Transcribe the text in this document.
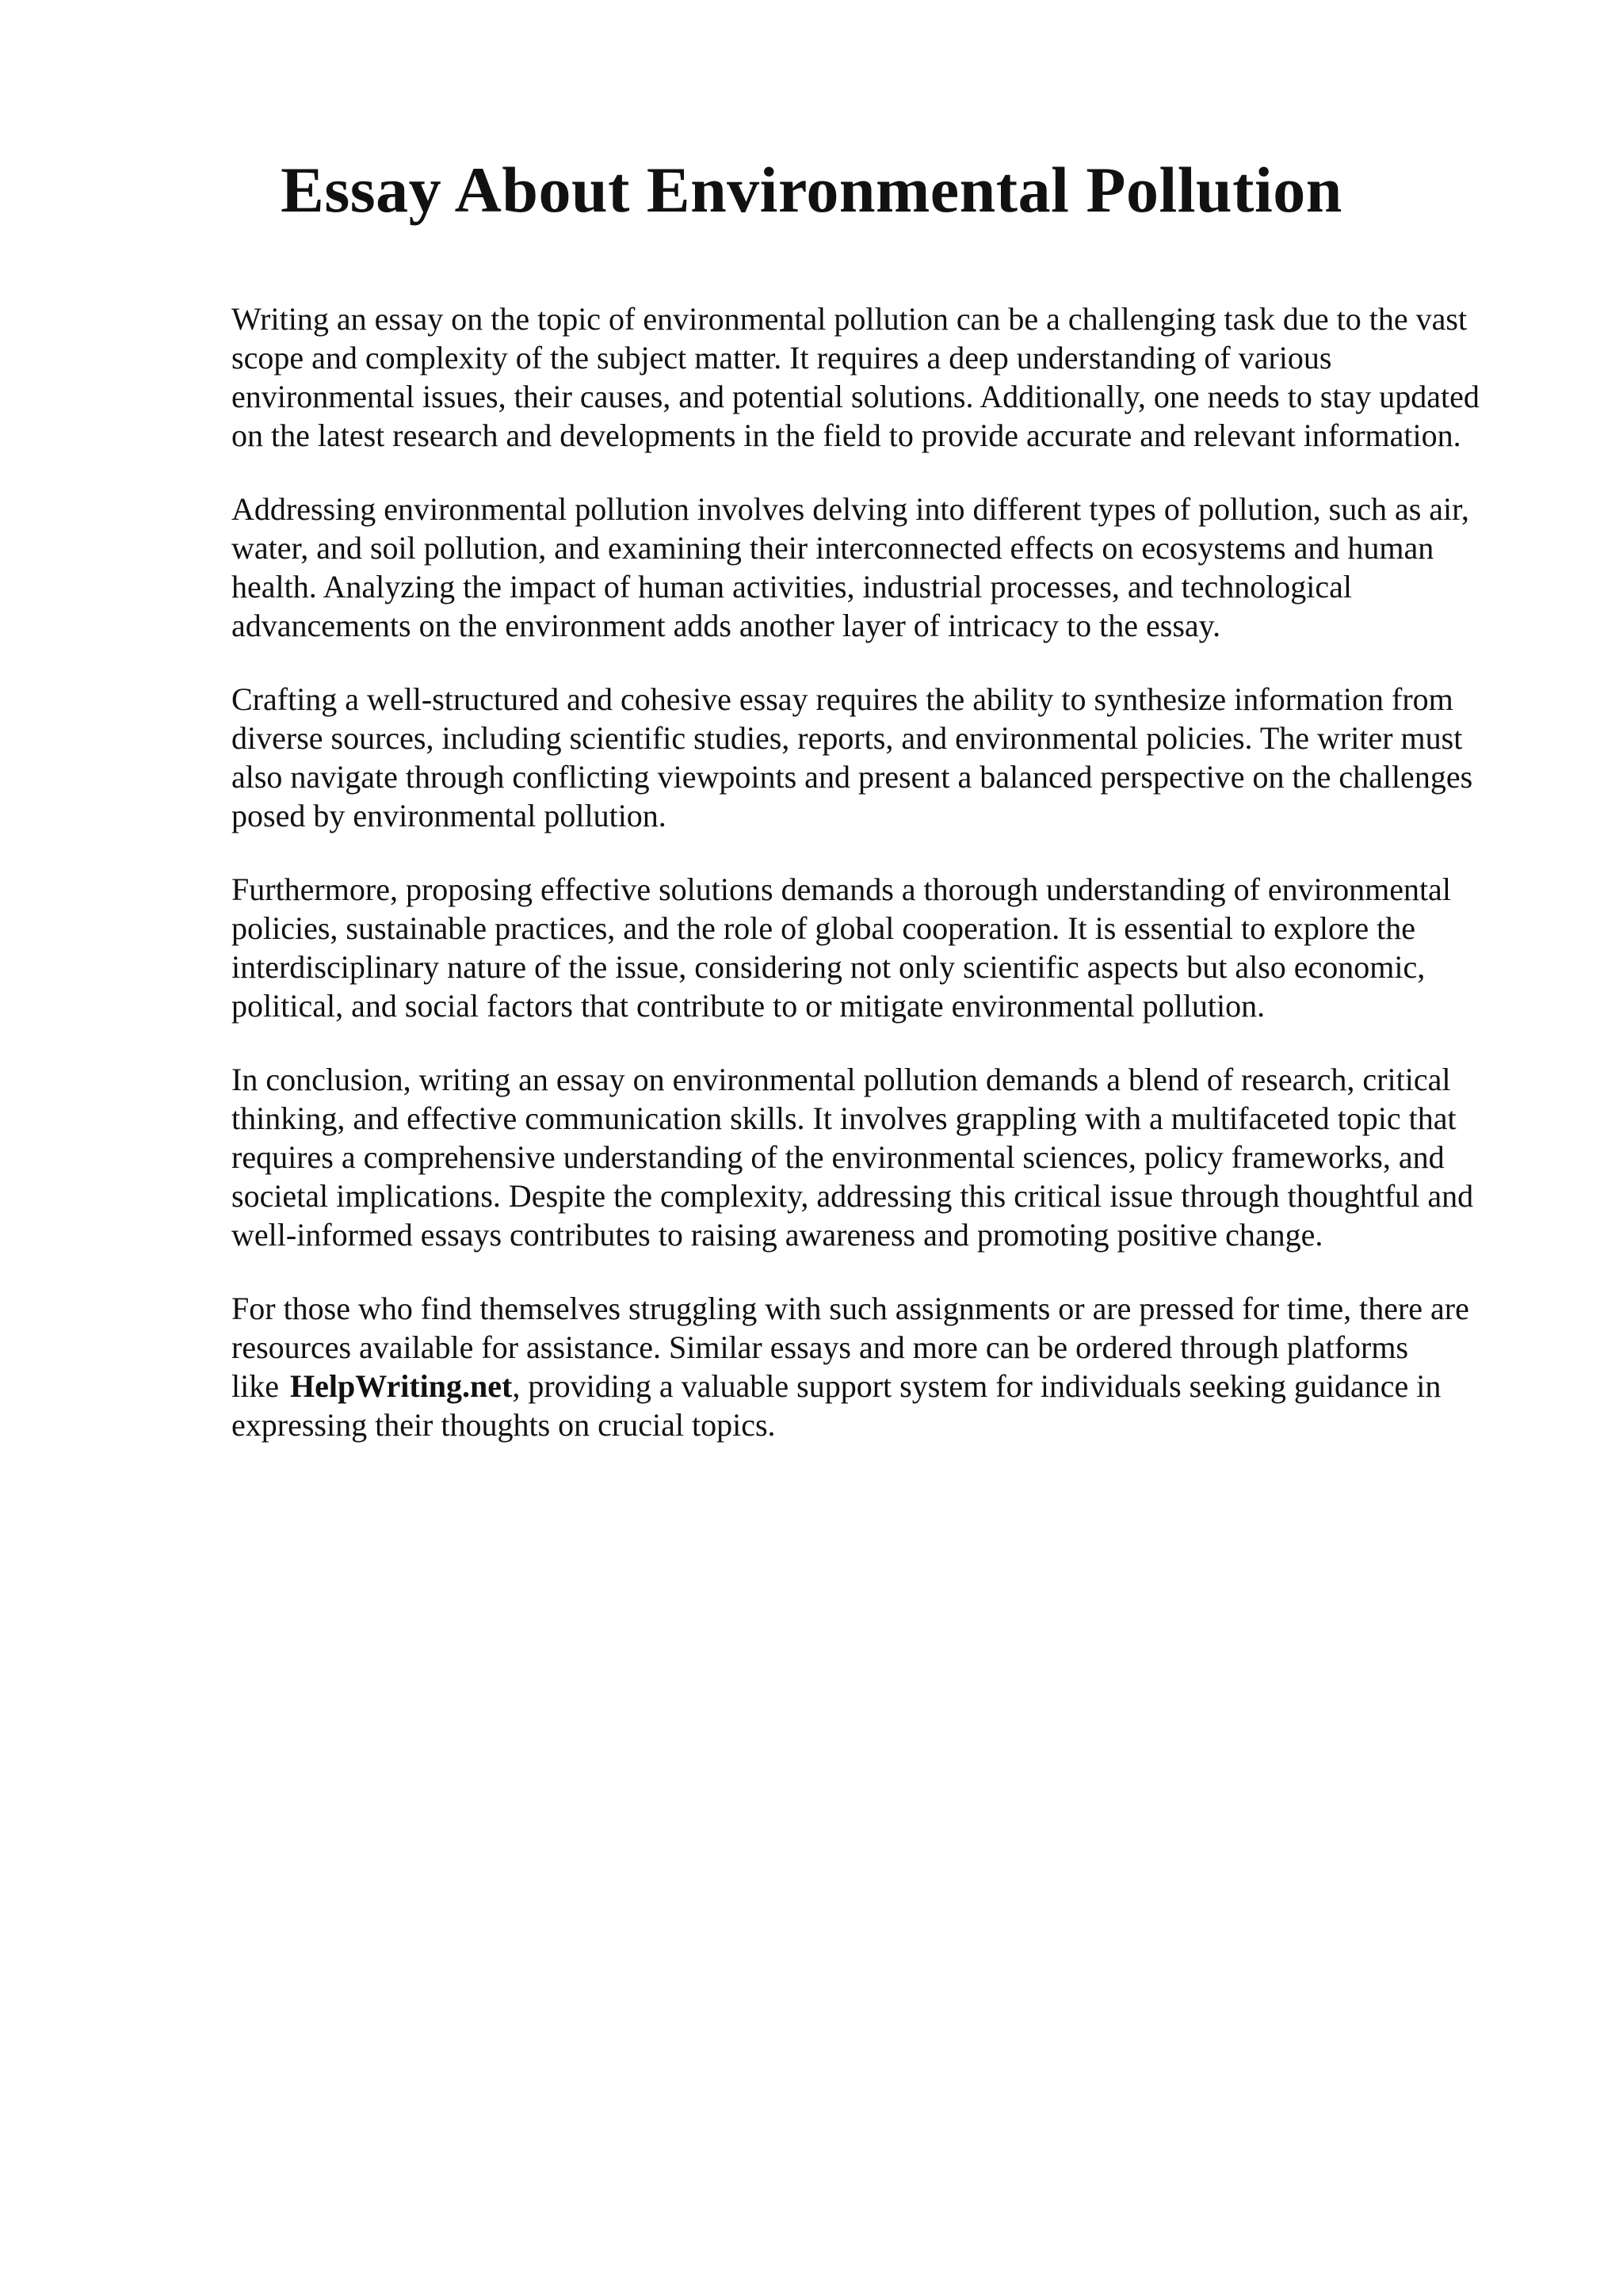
Essay About Environmental Pollution

Writing an essay on the topic of environmental pollution can be a challenging task due to the vast scope and complexity of the subject matter. It requires a deep understanding of various environmental issues, their causes, and potential solutions. Additionally, one needs to stay updated on the latest research and developments in the field to provide accurate and relevant information.

Addressing environmental pollution involves delving into different types of pollution, such as air, water, and soil pollution, and examining their interconnected effects on ecosystems and human health. Analyzing the impact of human activities, industrial processes, and technological advancements on the environment adds another layer of intricacy to the essay.

Crafting a well-structured and cohesive essay requires the ability to synthesize information from diverse sources, including scientific studies, reports, and environmental policies. The writer must also navigate through conflicting viewpoints and present a balanced perspective on the challenges posed by environmental pollution.

Furthermore, proposing effective solutions demands a thorough understanding of environmental policies, sustainable practices, and the role of global cooperation. It is essential to explore the interdisciplinary nature of the issue, considering not only scientific aspects but also economic, political, and social factors that contribute to or mitigate environmental pollution.

In conclusion, writing an essay on environmental pollution demands a blend of research, critical thinking, and effective communication skills. It involves grappling with a multifaceted topic that requires a comprehensive understanding of the environmental sciences, policy frameworks, and societal implications. Despite the complexity, addressing this critical issue through thoughtful and well-informed essays contributes to raising awareness and promoting positive change.

For those who find themselves struggling with such assignments or are pressed for time, there are resources available for assistance. Similar essays and more can be ordered through platforms like HelpWriting.net, providing a valuable support system for individuals seeking guidance in expressing their thoughts on crucial topics.
